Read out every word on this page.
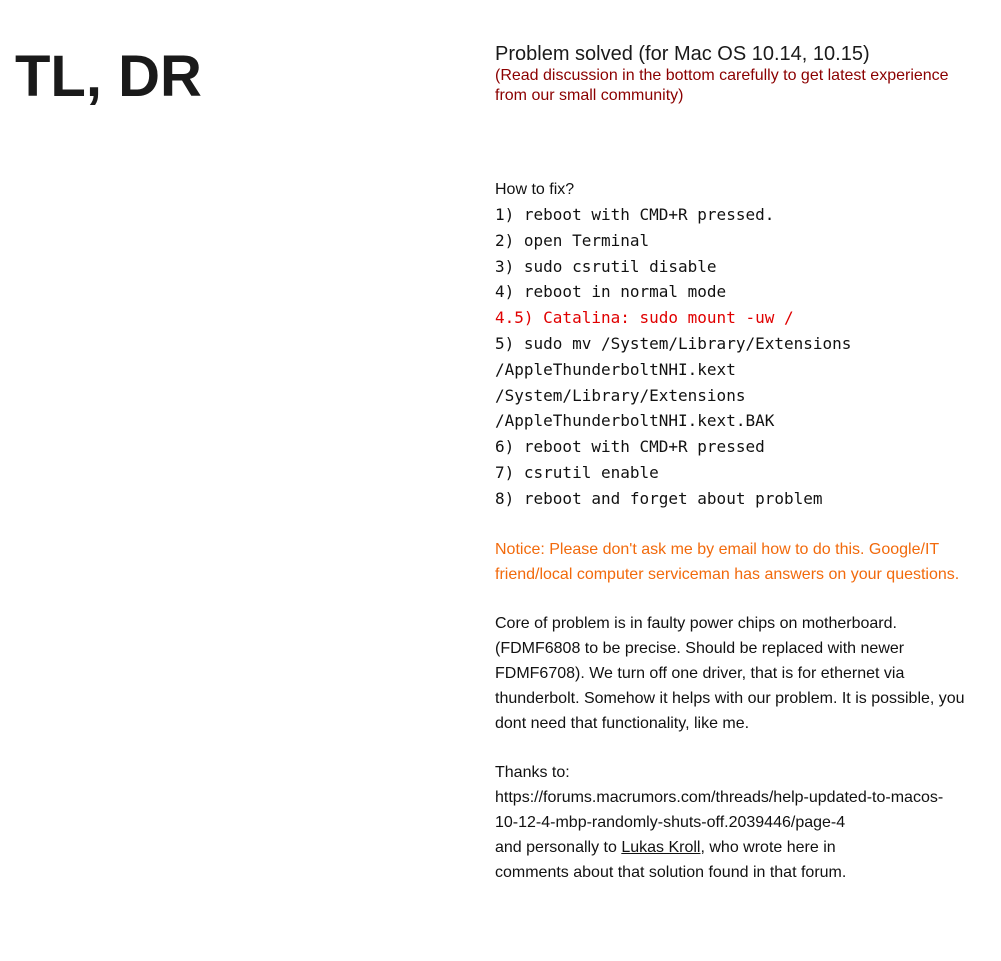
TL, DR	Problem solved (for Mac OS 10.14, 10.15)

(Read discussion in the bottom carefully to get latest experience from our small community)

How to fix?
1) reboot with CMD+R pressed.
2) open Terminal
3) sudo csrutil disable
4) reboot in normal mode
4.5) Catalina: sudo mount -uw /
5) sudo mv /System/Library/Extensions
/AppleThunderboltNHI.kext
/System/Library/Extensions
/AppleThunderboltNHI.kext.BAK
6) reboot with CMD+R pressed
7) csrutil enable
8) reboot and forget about problem
Notice: Please don't ask me by email how to do this. Google/IT friend/local computer serviceman has answers on your questions.
Core of problem is in faulty power chips on motherboard. (FDMF6808 to be precise. Should be replaced with newer FDMF6708). We turn off one driver, that is for ethernet via thunderbolt. Somehow it helps with our problem. It is possible, you dont need that functionality, like me.

Thanks to:

https://forums.macrumors.com/threads/help-updated-to-macos-

10-12-4-mbp-randomly-shuts-off.2039446/page-4

and personally to Lukas Kroll, who wrote here in

comments about that solution found in that forum.
